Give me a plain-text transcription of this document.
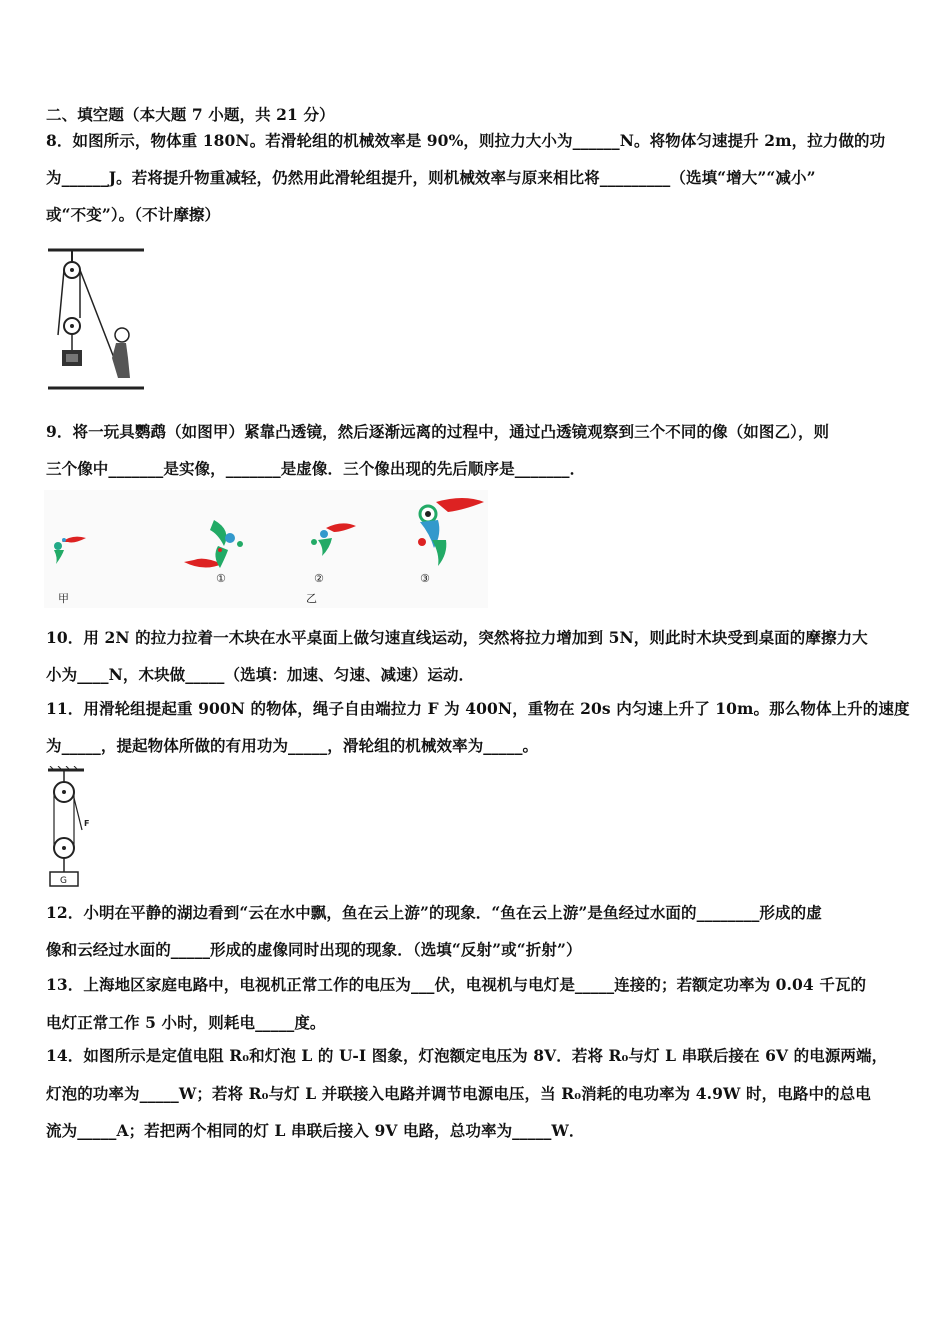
二、填空题（本大题 7 小题，共 21 分）
8．如图所示，物体重 180N。若滑轮组的机械效率是 90%，则拉力大小为______N。将物体匀速提升 2m，拉力做的功
为______J。若将提升物重减轻，仍然用此滑轮组提升，则机械效率与原来相比将_________（选填“增大”“减小”
或“不变”）。（不计摩擦）
9．将一玩具鹦鹉（如图甲）紧靠凸透镜，然后逐渐远离的过程中，通过凸透镜观察到三个不同的像（如图乙），则
三个像中_______是实像，_______是虚像．三个像出现的先后顺序是_______．
甲
①	②	③
乙
10．用 2N 的拉力拉着一木块在水平桌面上做匀速直线运动，突然将拉力增加到 5N，则此时木块受到桌面的摩擦力大
小为____N，木块做_____（选填：加速、匀速、减速）运动．
11．用滑轮组提起重 900N 的物体，绳子自由端拉力 F 为 400N，重物在 20s 内匀速上升了 10m。那么物体上升的速度
为_____，提起物体所做的有用功为_____，滑轮组的机械效率为_____。
F
G
12．小明在平静的湖边看到“云在水中飘，鱼在云上游”的现象．“鱼在云上游”是鱼经过水面的________形成的虚
像和云经过水面的_____形成的虚像同时出现的现象．（选填“反射”或“折射”）
13．上海地区家庭电路中，电视机正常工作的电压为___伏，电视机与电灯是_____连接的；若额定功率为 0.04 千瓦的
电灯正常工作 5 小时，则耗电_____度。
14．如图所示是定值电阻 R₀和灯泡 L 的 U-I 图象，灯泡额定电压为 8V．若将 R₀与灯 L 串联后接在 6V 的电源两端，
灯泡的功率为_____W；若将 R₀与灯 L 并联接入电路并调节电源电压，当 R₀消耗的电功率为 4.9W 时，电路中的总电
流为_____A；若把两个相同的灯 L 串联后接入 9V 电路，总功率为_____W．
